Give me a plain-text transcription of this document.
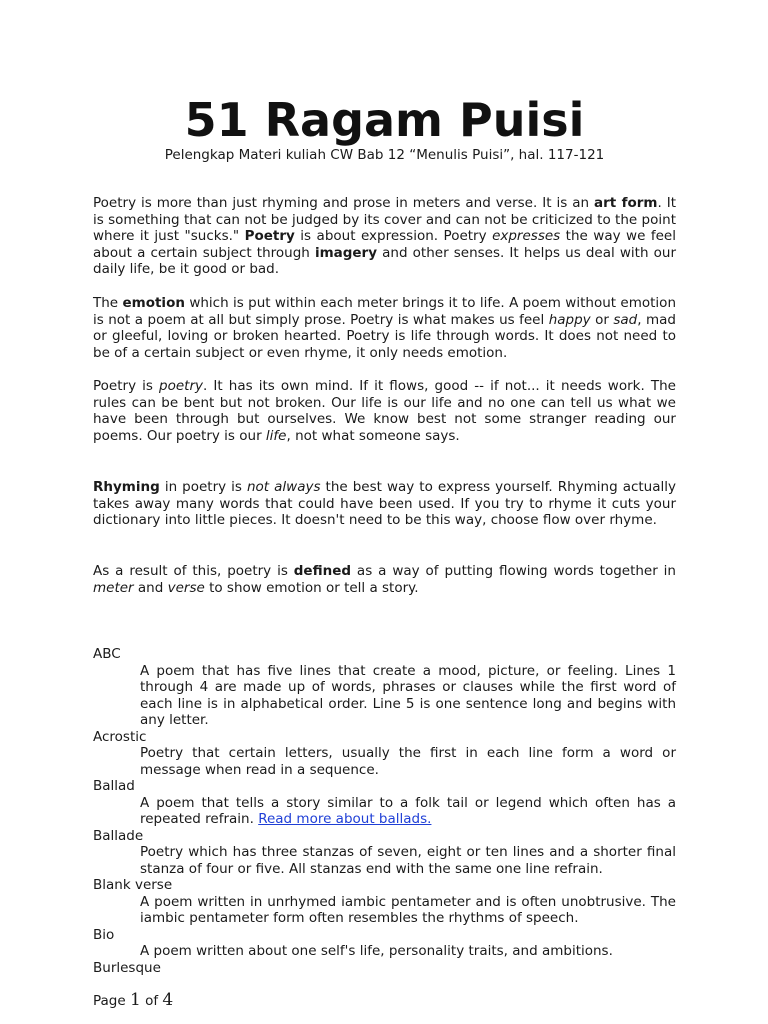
51 Ragam Puisi
Pelengkap Materi kuliah CW Bab 12 “Menulis Puisi”, hal. 117-121

Poetry is more than just rhyming and prose in meters and verse. It is an art form. It is something that can not be judged by its cover and can not be criticized to the point where it just "sucks." Poetry is about expression. Poetry expresses the way we feel about a certain subject through imagery and other senses. It helps us deal with our daily life, be it good or bad.

The emotion which is put within each meter brings it to life. A poem without emotion is not a poem at all but simply prose. Poetry is what makes us feel happy or sad, mad or gleeful, loving or broken hearted. Poetry is life through words. It does not need to be of a certain subject or even rhyme, it only needs emotion.

Poetry is poetry. It has its own mind. If it flows, good -- if not... it needs work. The rules can be bent but not broken. Our life is our life and no one can tell us what we have been through but ourselves. We know best not some stranger reading our poems. Our poetry is our life, not what someone says.

Rhyming in poetry is not always the best way to express yourself. Rhyming actually takes away many words that could have been used. If you try to rhyme it cuts your dictionary into little pieces. It doesn't need to be this way, choose flow over rhyme.

As a result of this, poetry is defined as a way of putting flowing words together in meter and verse to show emotion or tell a story.

ABC
A poem that has five lines that create a mood, picture, or feeling. Lines 1 through 4 are made up of words, phrases or clauses while the first word of each line is in alphabetical order. Line 5 is one sentence long and begins with any letter.
Acrostic
Poetry that certain letters, usually the first in each line form a word or message when read in a sequence.
Ballad
A poem that tells a story similar to a folk tail or legend which often has a repeated refrain. Read more about ballads.
Ballade
Poetry which has three stanzas of seven, eight or ten lines and a shorter final stanza of four or five. All stanzas end with the same one line refrain.
Blank verse
A poem written in unrhymed iambic pentameter and is often unobtrusive. The iambic pentameter form often resembles the rhythms of speech.
Bio
A poem written about one self's life, personality traits, and ambitions.
Burlesque
Page 1 of 4
